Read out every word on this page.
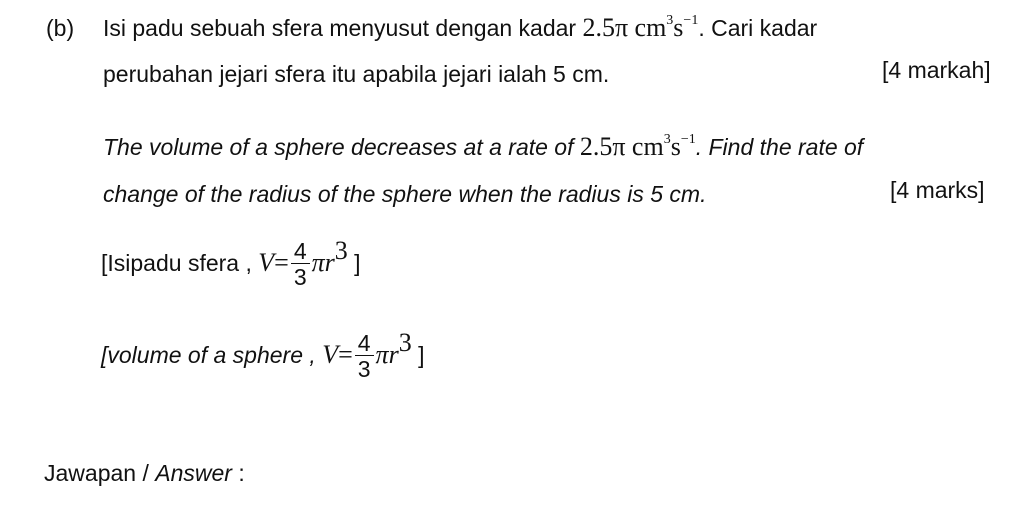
(b) Isi padu sebuah sfera menyusut dengan kadar 2.5π $cm^3s^{-1}$. Cari kadar
perubahan jejari sfera itu apabila jejari ialah 5 cm.	[4 markah]
The volume of a sphere decreases at a rate of 2.5π $cm^3s^{-1}$. Find the rate of
change of the radius of the sphere when the radius is 5 cm.	[4 marks]
[Isipadu sfera , $V= \frac{4}{3} \pi r^3$ ]
[volume of a sphere , $V= \frac{4}{3} \pi r^3$ ]
Jawapan / Answer :
